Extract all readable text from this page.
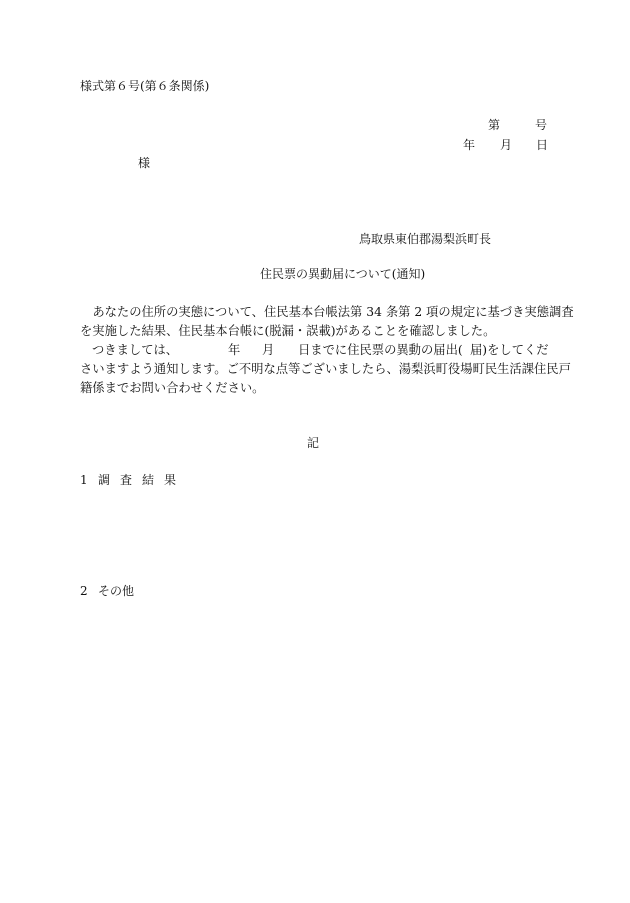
様式第６号(第６条関係)
第	号
年 月 日
様
鳥取県東伯郡湯梨浜町長
住民票の異動届について(通知)
　あなたの住所の実態について、住民基本台帳法第 34 条第 2 項の規定に基づき実態調査
を実施した結果、住民基本台帳に(脱漏・誤載)があることを確認しました。
つきましては、	年 月 日までに住民票の異動の届出( 届)をしてくだ
さいますよう通知します。ご不明な点等ございましたら、湯梨浜町役場町民生活課住民戸
籍係までお問い合わせください。
記
1 調査結果
2 その他
